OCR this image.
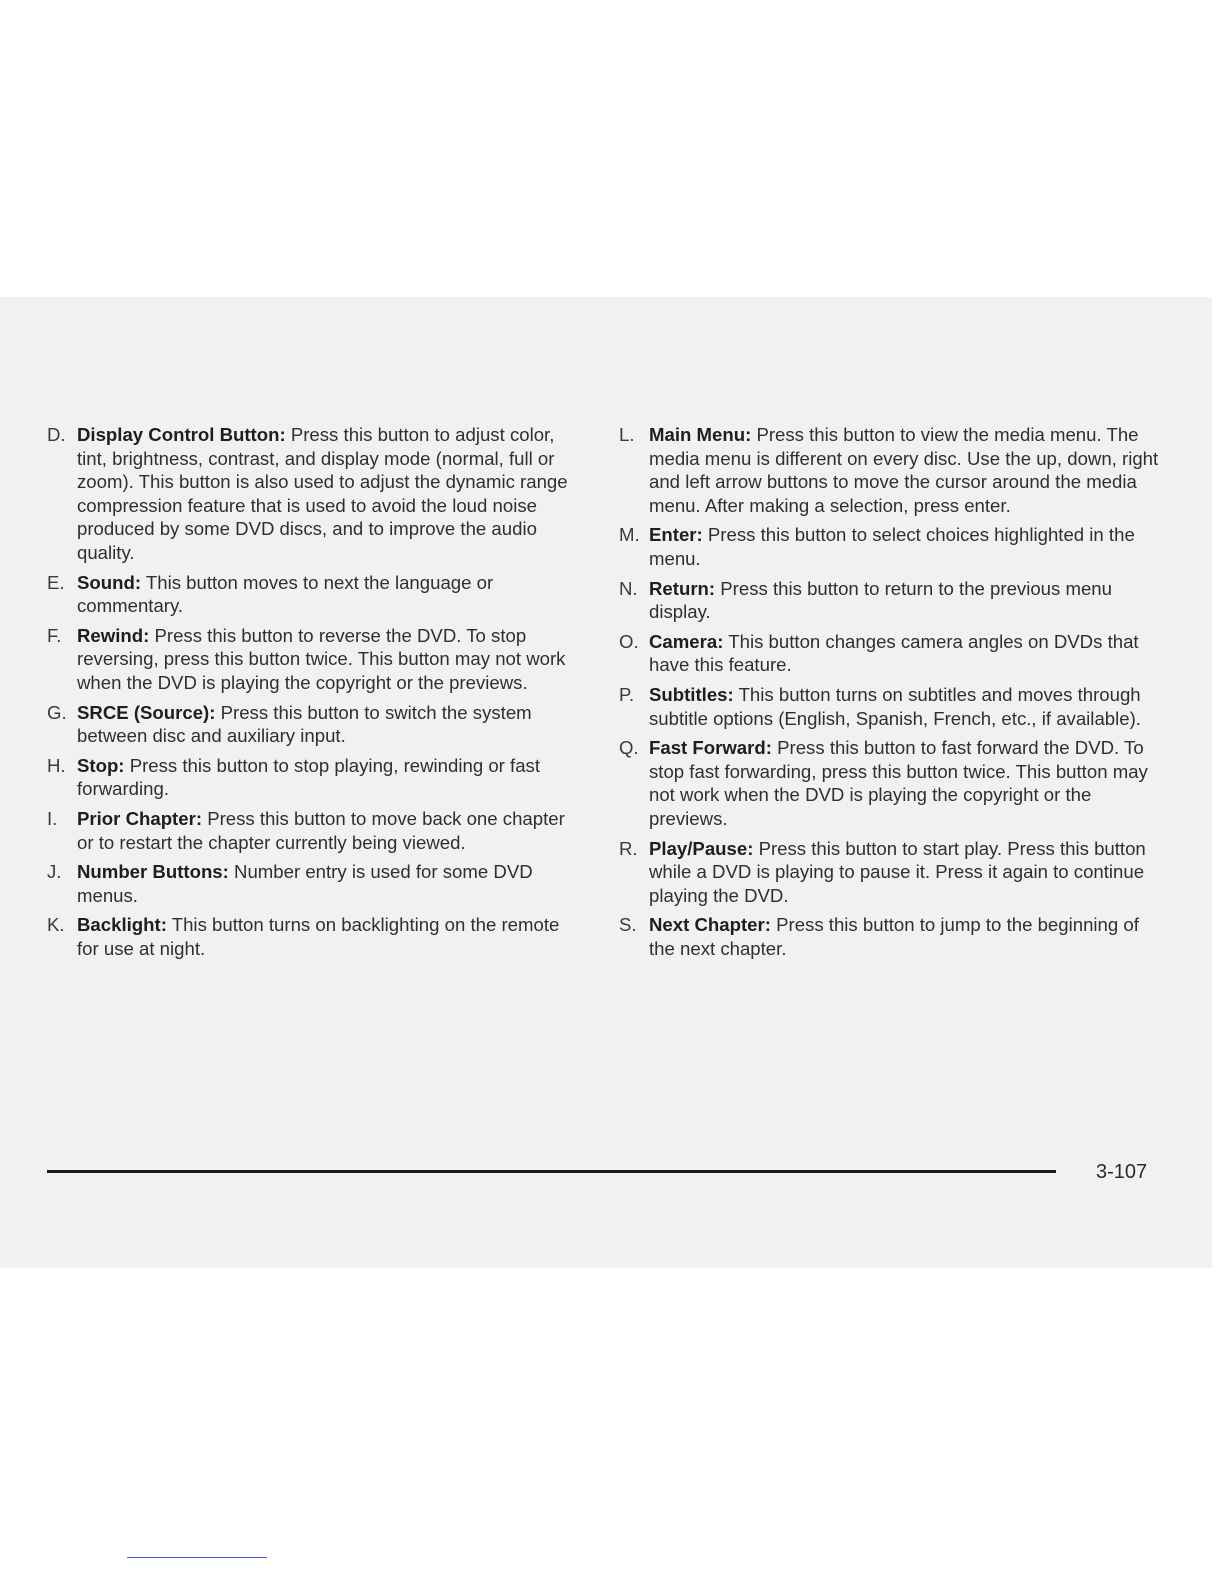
D. Display Control Button: Press this button to adjust color, tint, brightness, contrast, and display mode (normal, full or zoom). This button is also used to adjust the dynamic range compression feature that is used to avoid the loud noise produced by some DVD discs, and to improve the audio quality.
E. Sound: This button moves to next the language or commentary.
F. Rewind: Press this button to reverse the DVD. To stop reversing, press this button twice. This button may not work when the DVD is playing the copyright or the previews.
G. SRCE (Source): Press this button to switch the system between disc and auxiliary input.
H. Stop: Press this button to stop playing, rewinding or fast forwarding.
I. Prior Chapter: Press this button to move back one chapter or to restart the chapter currently being viewed.
J. Number Buttons: Number entry is used for some DVD menus.
K. Backlight: This button turns on backlighting on the remote for use at night.
L. Main Menu: Press this button to view the media menu. The media menu is different on every disc. Use the up, down, right and left arrow buttons to move the cursor around the media menu. After making a selection, press enter.
M. Enter: Press this button to select choices highlighted in the menu.
N. Return: Press this button to return to the previous menu display.
O. Camera: This button changes camera angles on DVDs that have this feature.
P. Subtitles: This button turns on subtitles and moves through subtitle options (English, Spanish, French, etc., if available).
Q. Fast Forward: Press this button to fast forward the DVD. To stop fast forwarding, press this button twice. This button may not work when the DVD is playing the copyright or the previews.
R. Play/Pause: Press this button to start play. Press this button while a DVD is playing to pause it. Press it again to continue playing the DVD.
S. Next Chapter: Press this button to jump to the beginning of the next chapter.
3-107
